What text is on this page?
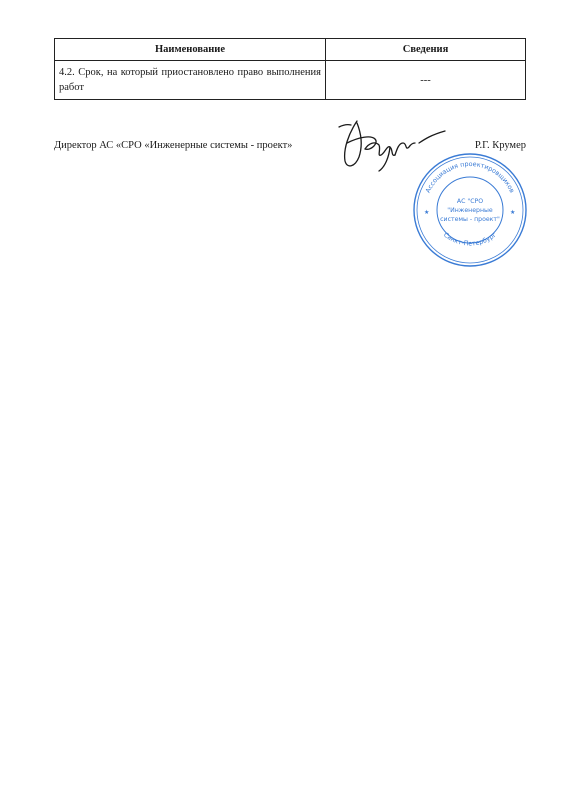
Наименование	Сведения
4.2. Срок, на который приостановлено право выполнения работ	---
Директор АС «СРО «Инженерные системы - проект»	Р.Г. Крумер
Ассоциация проектировщиков
Санкт-Петербург
АС "СРО
"Инженерные
системы - проект"
★	★
